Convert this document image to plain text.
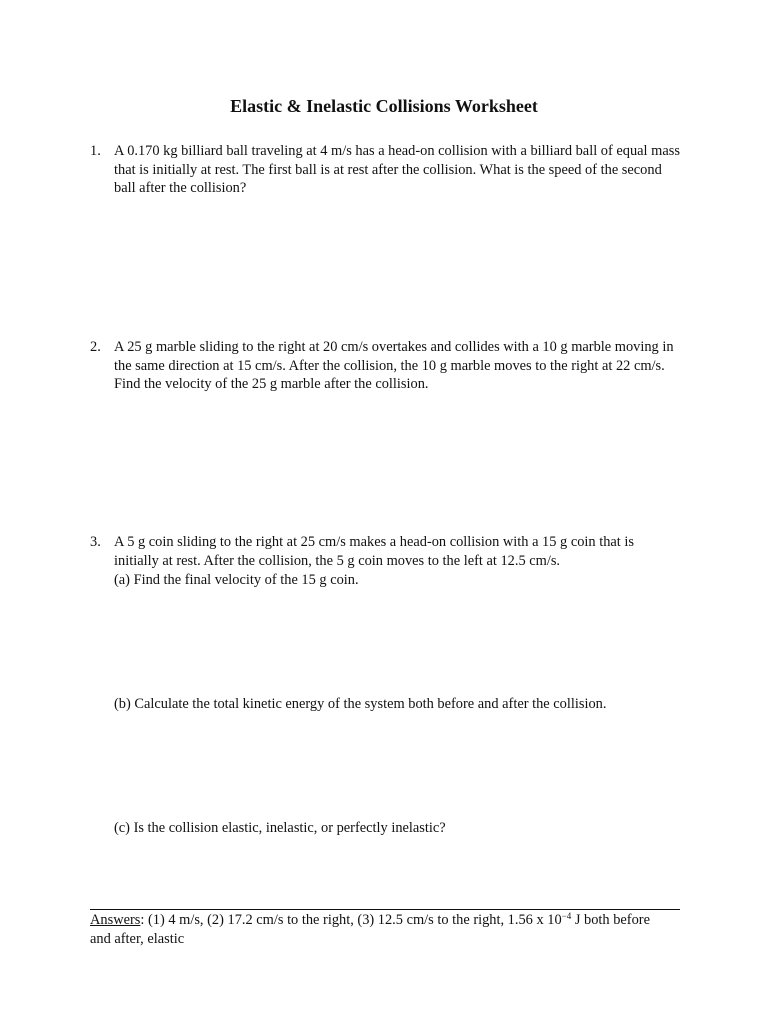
Elastic & Inelastic Collisions Worksheet
1. A 0.170 kg billiard ball traveling at 4 m/s has a head-on collision with a billiard ball of equal mass that is initially at rest. The first ball is at rest after the collision. What is the speed of the second ball after the collision?
2. A 25 g marble sliding to the right at 20 cm/s overtakes and collides with a 10 g marble moving in the same direction at 15 cm/s. After the collision, the 10 g marble moves to the right at 22 cm/s. Find the velocity of the 25 g marble after the collision.
3. A 5 g coin sliding to the right at 25 cm/s makes a head-on collision with a 15 g coin that is initially at rest. After the collision, the 5 g coin moves to the left at 12.5 cm/s.
(a) Find the final velocity of the 15 g coin.
(b) Calculate the total kinetic energy of the system both before and after the collision.
(c) Is the collision elastic, inelastic, or perfectly inelastic?
Answers: (1) 4 m/s, (2) 17.2 cm/s to the right, (3) 12.5 cm/s to the right, 1.56 x $10^{-4}$ J both before and after, elastic
